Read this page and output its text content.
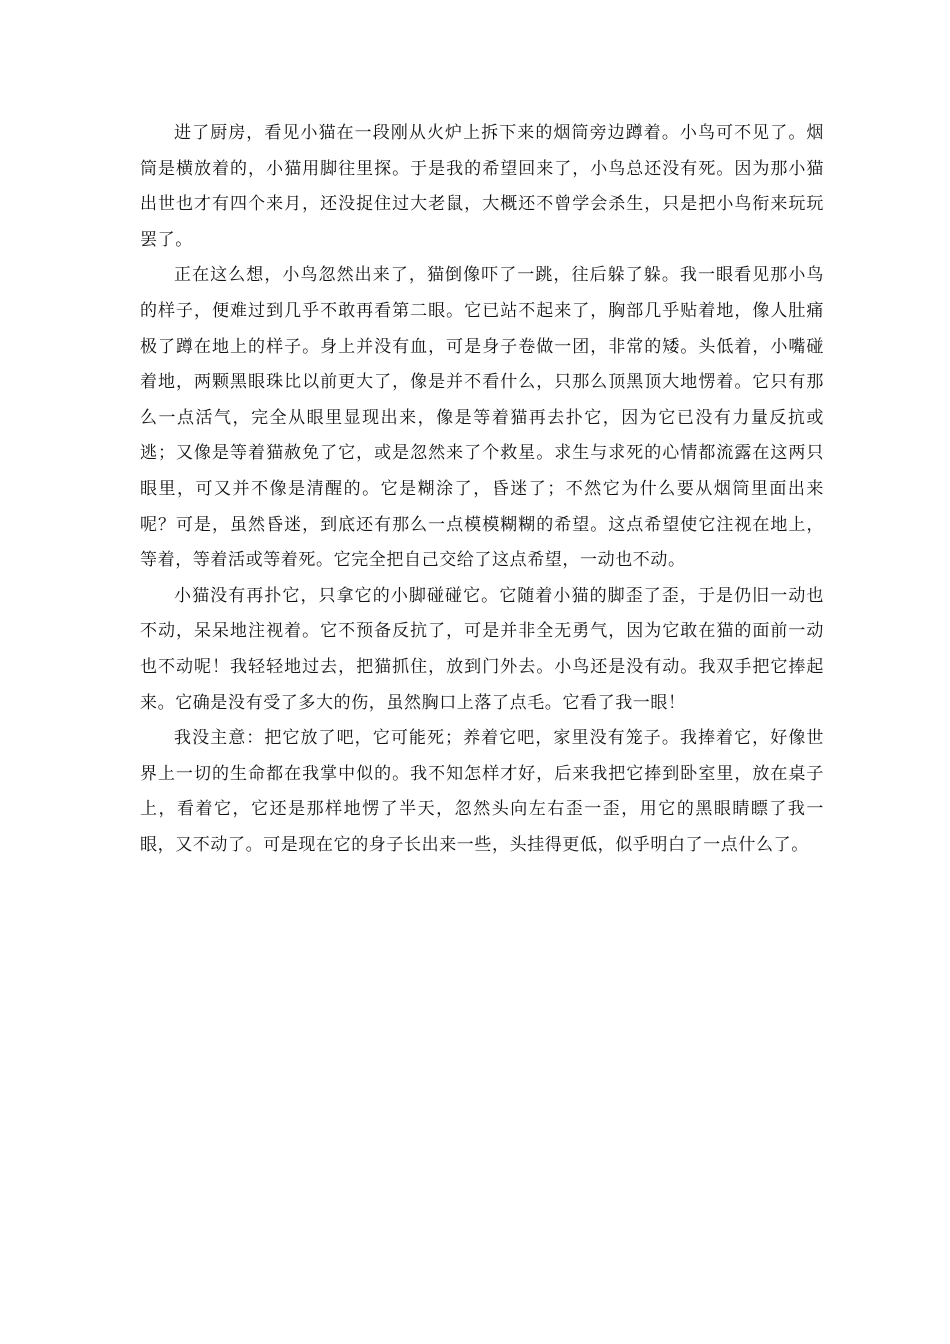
进了厨房，看见小猫在一段刚从火炉上拆下来的烟筒旁边蹲着。小鸟可不见了。烟筒是横放着的，小猫用脚往里探。于是我的希望回来了，小鸟总还没有死。因为那小猫出世也才有四个来月，还没捉住过大老鼠，大概还不曾学会杀生，只是把小鸟衔来玩玩罢了。

正在这么想，小鸟忽然出来了，猫倒像吓了一跳，往后躲了躲。我一眼看见那小鸟的样子，便难过到几乎不敢再看第二眼。它已站不起来了，胸部几乎贴着地，像人肚痛极了蹲在地上的样子。身上并没有血，可是身子卷做一团，非常的矮。头低着，小嘴碰着地，两颗黑眼珠比以前更大了，像是并不看什么，只那么顶黑顶大地愣着。它只有那么一点活气，完全从眼里显现出来，像是等着猫再去扑它，因为它已没有力量反抗或逃；又像是等着猫赦免了它，或是忽然来了个救星。求生与求死的心情都流露在这两只眼里，可又并不像是清醒的。它是糊涂了，昏迷了；不然它为什么要从烟筒里面出来呢？可是，虽然昏迷，到底还有那么一点模模糊糊的希望。这点希望使它注视在地上，等着，等着活或等着死。它完全把自己交给了这点希望，一动也不动。

小猫没有再扑它，只拿它的小脚碰碰它。它随着小猫的脚歪了歪，于是仍旧一动也不动，呆呆地注视着。它不预备反抗了，可是并非全无勇气，因为它敢在猫的面前一动也不动呢！我轻轻地过去，把猫抓住，放到门外去。小鸟还是没有动。我双手把它捧起来。它确是没有受了多大的伤，虽然胸口上落了点毛。它看了我一眼！

我没主意：把它放了吧，它可能死；养着它吧，家里没有笼子。我捧着它，好像世界上一切的生命都在我掌中似的。我不知怎样才好，后来我把它捧到卧室里，放在桌子上，看着它，它还是那样地愣了半天，忽然头向左右歪一歪，用它的黑眼睛瞟了我一眼，又不动了。可是现在它的身子长出来一些，头挂得更低，似乎明白了一点什么了。
